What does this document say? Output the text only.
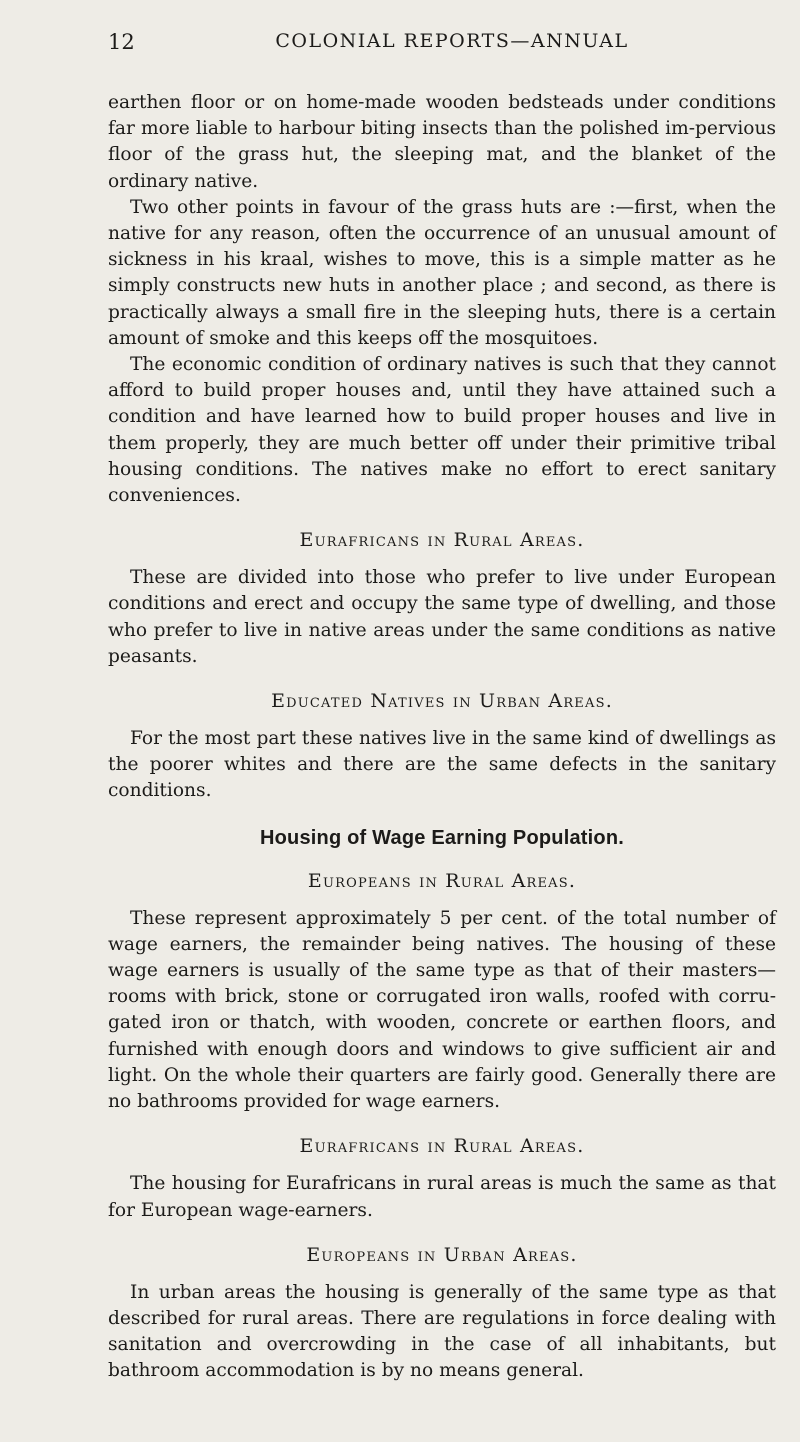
12	COLONIAL REPORTS—ANNUAL

earthen floor or on home-made wooden bedsteads under conditions far more liable to harbour biting insects than the polished im-pervious floor of the grass hut, the sleeping mat, and the blanket of the ordinary native.

Two other points in favour of the grass huts are :—first, when the native for any reason, often the occurrence of an unusual amount of sickness in his kraal, wishes to move, this is a simple matter as he simply constructs new huts in another place ; and second, as there is practically always a small fire in the sleeping huts, there is a certain amount of smoke and this keeps off the mosquitoes.

The economic condition of ordinary natives is such that they cannot afford to build proper houses and, until they have attained such a condition and have learned how to build proper houses and live in them properly, they are much better off under their primitive tribal housing conditions. The natives make no effort to erect sanitary conveniences.

Eurafricans in Rural Areas.

These are divided into those who prefer to live under European conditions and erect and occupy the same type of dwelling, and those who prefer to live in native areas under the same conditions as native peasants.

Educated Natives in Urban Areas.

For the most part these natives live in the same kind of dwellings as the poorer whites and there are the same defects in the sanitary conditions.

Housing of Wage Earning Population.
Europeans in Rural Areas.

These represent approximately 5 per cent. of the total number of wage earners, the remainder being natives. The housing of these wage earners is usually of the same type as that of their masters— rooms with brick, stone or corrugated iron walls, roofed with corru-gated iron or thatch, with wooden, concrete or earthen floors, and furnished with enough doors and windows to give sufficient air and light. On the whole their quarters are fairly good. Generally there are no bathrooms provided for wage earners.

Eurafricans in Rural Areas.

The housing for Eurafricans in rural areas is much the same as that for European wage-earners.

Europeans in Urban Areas.

In urban areas the housing is generally of the same type as that described for rural areas. There are regulations in force dealing with sanitation and overcrowding in the case of all inhabitants, but bathroom accommodation is by no means general.
